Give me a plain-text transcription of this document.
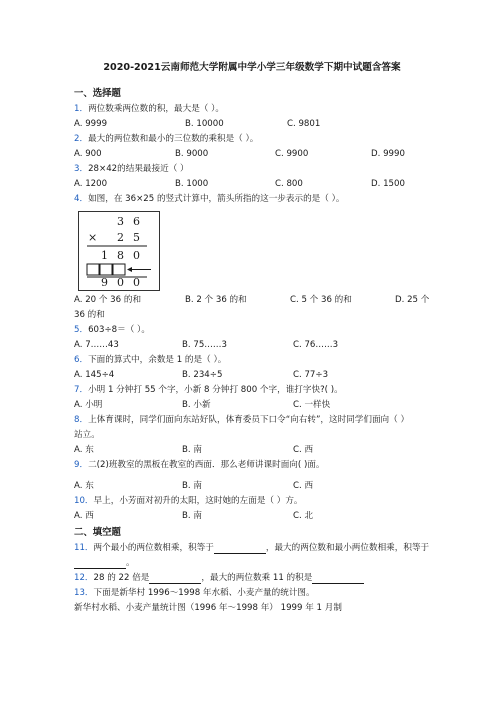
2020-2021云南师范大学附属中学小学三年级数学下期中试题含答案
一、选择题
1． 两位数乘两位数的积，最大是（ ）。
A. 9999	B. 10000	C. 9801
2． 最大的两位数和最小的三位数的乘积是（ ）。
A. 900	B. 9000	C. 9900	D. 9990
3． 28×42的结果最接近（ ）
A. 1200	B. 1000	C. 800	D. 1500
4． 如图，在 36×25 的竖式计算中，箭头所指的这一步表示的是（ ）。
3 6
× 2 5
1 8 0
9 0 0
A. 20 个 36 的和	B. 2 个 36 的和	C. 5 个 36 的和	D. 25 个
36 的和
5． 603÷8＝（ ）。
A. 7……43	B. 75……3	C. 76……3
6． 下面的算式中，余数是 1 的是（ ）。
A. 145÷4	B. 234÷5	C. 77÷3
7． 小明 1 分钟打 55 个字，小新 8 分钟打 800 个字，谁打字快?( )。
A. 小明	B. 小新	C. 一样快
8． 上体育课时，同学们面向东站好队，体育委员下口令“向右转”，这时同学们面向（ ）
站立。
A. 东	B. 南	C. 西
9． 二(2)班教室的黑板在教室的西面．那么老师讲课时面向( )面。
A. 东	B. 南	C. 西
10． 早上，小芳面对初升的太阳，这时她的左面是（ ）方。
A. 西	B. 南	C. 北
二、填空题
11． 两个最小的两位数相乘，积等于	，最大的两位数和最小两位数相乘，积等于
。
12． 28 的 22 倍是	，最大的两位数乘 11 的积是
13． 下面是新华村 1996～1998 年水稻、小麦产量的统计图。
新华村水稻、小麦产量统计图（1996 年～1998 年） 1999 年 1 月制
